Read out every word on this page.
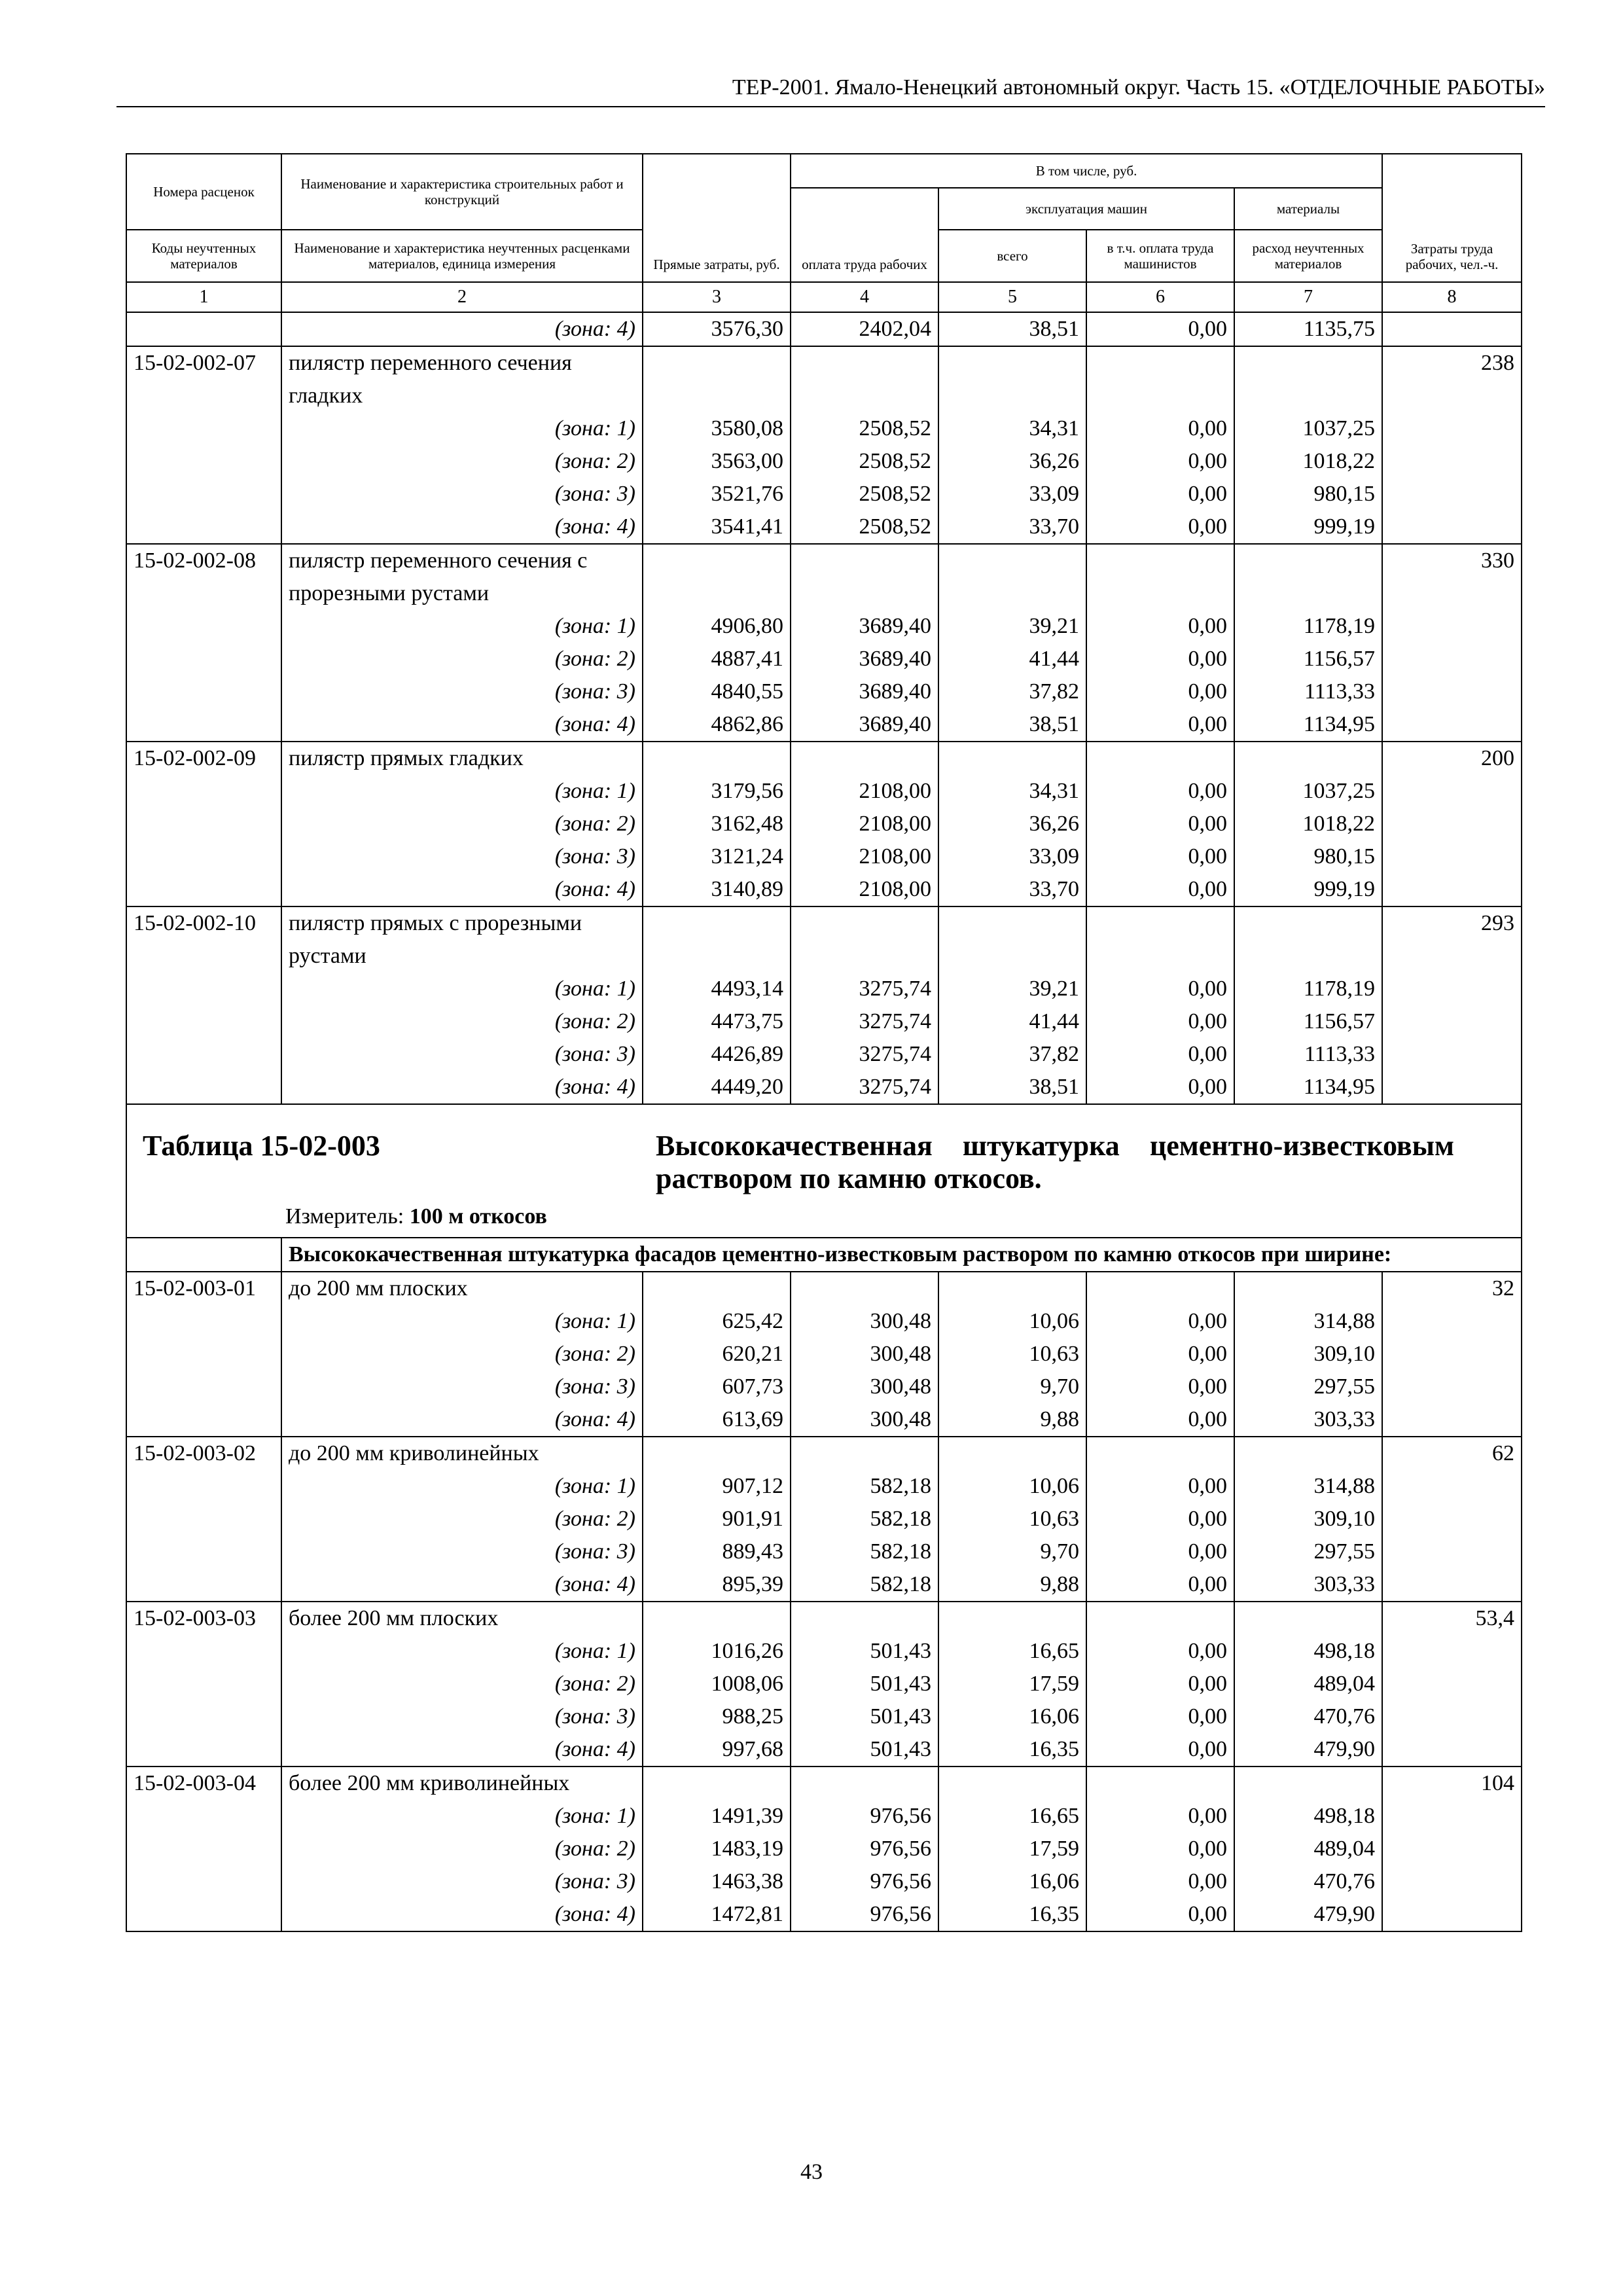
ТЕР-2001. Ямало-Ненецкий автономный округ. Часть 15. «ОТДЕЛОЧНЫЕ РАБОТЫ»
Номера расценок	Наименование и характеристика строительных работ и конструкций	Прямые затраты, руб.	В том числе, руб.				Затраты труда рабочих, чел.-ч.
			оплата труда рабочих	эксплуатация машин		материалы	
Коды неучтенных материалов	Наименование и характеристика неучтенных расценками материалов, единица измерения			всего	в т.ч. оплата труда машинистов	расход неучтенных материалов	
1	2	3	4	5	6	7	8
	(зона: 4)	3576,30	2402,04	38,51	0,00	1135,75	
15-02-002-07	пилястр переменного сечения гладких						238
	(зона: 1)	3580,08	2508,52	34,31	0,00	1037,25	
	(зона: 2)	3563,00	2508,52	36,26	0,00	1018,22	
	(зона: 3)	3521,76	2508,52	33,09	0,00	980,15	
	(зона: 4)	3541,41	2508,52	33,70	0,00	999,19	
15-02-002-08	пилястр переменного сечения с прорезными рустами						330
	(зона: 1)	4906,80	3689,40	39,21	0,00	1178,19	
	(зона: 2)	4887,41	3689,40	41,44	0,00	1156,57	
	(зона: 3)	4840,55	3689,40	37,82	0,00	1113,33	
	(зона: 4)	4862,86	3689,40	38,51	0,00	1134,95	
15-02-002-09	пилястр прямых гладких						200
	(зона: 1)	3179,56	2108,00	34,31	0,00	1037,25	
	(зона: 2)	3162,48	2108,00	36,26	0,00	1018,22	
	(зона: 3)	3121,24	2108,00	33,09	0,00	980,15	
	(зона: 4)	3140,89	2108,00	33,70	0,00	999,19	
15-02-002-10	пилястр прямых с прорезными рустами						293
	(зона: 1)	4493,14	3275,74	39,21	0,00	1178,19	
	(зона: 2)	4473,75	3275,74	41,44	0,00	1156,57	
	(зона: 3)	4426,89	3275,74	37,82	0,00	1113,33	
	(зона: 4)	4449,20	3275,74	38,51	0,00	1134,95	

Таблица 15-02-003 Высококачественная штукатурка цементно-известковым раствором по камню откосов.
Измеритель: 100 м откосов							

	Высококачественная штукатурка фасадов цементно-известковым раствором по камню откосов при ширине:						
15-02-003-01	до 200 мм плоских						32
	(зона: 1)	625,42	300,48	10,06	0,00	314,88	
	(зона: 2)	620,21	300,48	10,63	0,00	309,10	
	(зона: 3)	607,73	300,48	9,70	0,00	297,55	
	(зона: 4)	613,69	300,48	9,88	0,00	303,33	
15-02-003-02	до 200 мм криволинейных						62
	(зона: 1)	907,12	582,18	10,06	0,00	314,88	
	(зона: 2)	901,91	582,18	10,63	0,00	309,10	
	(зона: 3)	889,43	582,18	9,70	0,00	297,55	
	(зона: 4)	895,39	582,18	9,88	0,00	303,33	
15-02-003-03	более 200 мм плоских						53,4
	(зона: 1)	1016,26	501,43	16,65	0,00	498,18	
	(зона: 2)	1008,06	501,43	17,59	0,00	489,04	
	(зона: 3)	988,25	501,43	16,06	0,00	470,76	
	(зона: 4)	997,68	501,43	16,35	0,00	479,90	
15-02-003-04	более 200 мм криволинейных						104
	(зона: 1)	1491,39	976,56	16,65	0,00	498,18	
	(зона: 2)	1483,19	976,56	17,59	0,00	489,04	
	(зона: 3)	1463,38	976,56	16,06	0,00	470,76	
	(зона: 4)	1472,81	976,56	16,35	0,00	479,90	
43
